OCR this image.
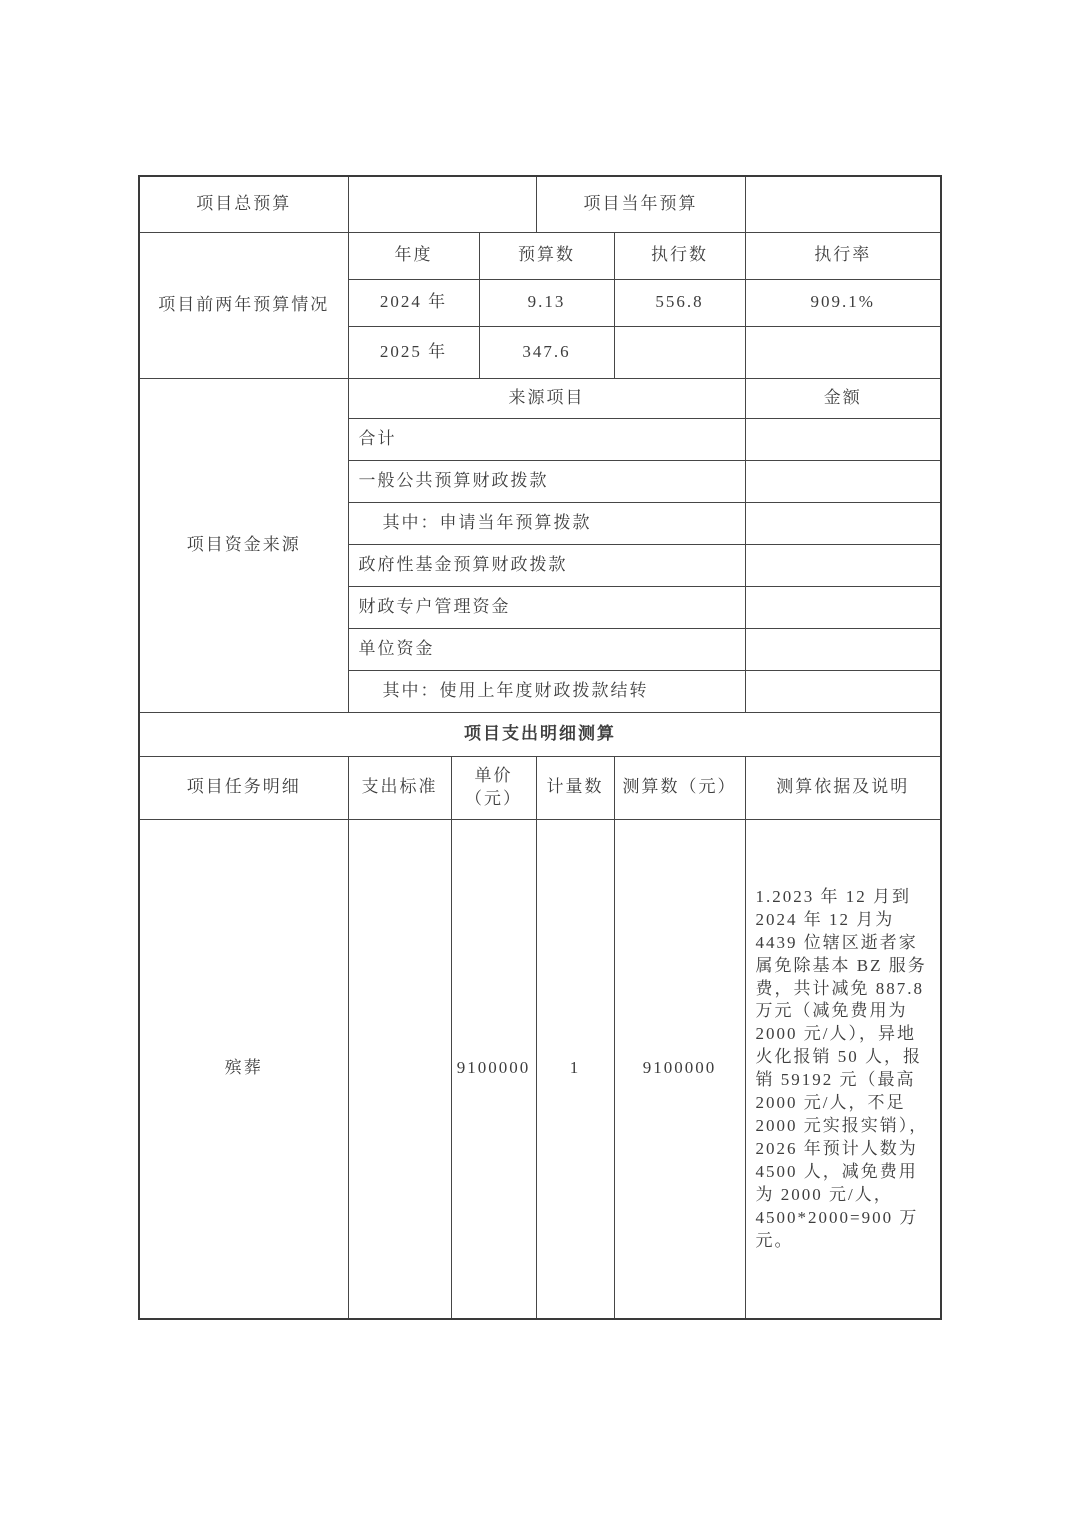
项目总预算				项目当年预算		
项目前两年预算情况	年度		预算数		执行数	执行率
	2024 年		9.13		556.8	909.1%
	2025 年		347.6			
项目资金来源	来源项目					金额
	合计					
	一般公共预算财政拨款					
	其中：申请当年预算拨款					
	政府性基金预算财政拨款					
	财政专户管理资金					
	单位资金					
	其中：使用上年度财政拨款结转					
项目支出明细测算						
项目任务明细	支出标准	单价（元）		计量数	测算数（元）	测算依据及说明
殡葬		9100000		1	9100000	1.2023 年 12 月到 2024 年 12 月为 4439 位辖区逝者家属免除基本 BZ 服务费，共计减免 887.8 万元（减免费用为 2000 元/人），异地火化报销 50 人，报销 59192 元（最高 2000 元/人，不足 2000 元实报实销），2026 年预计人数为 4500 人，减免费用为 2000 元/人，4500*2000=900 万元。
